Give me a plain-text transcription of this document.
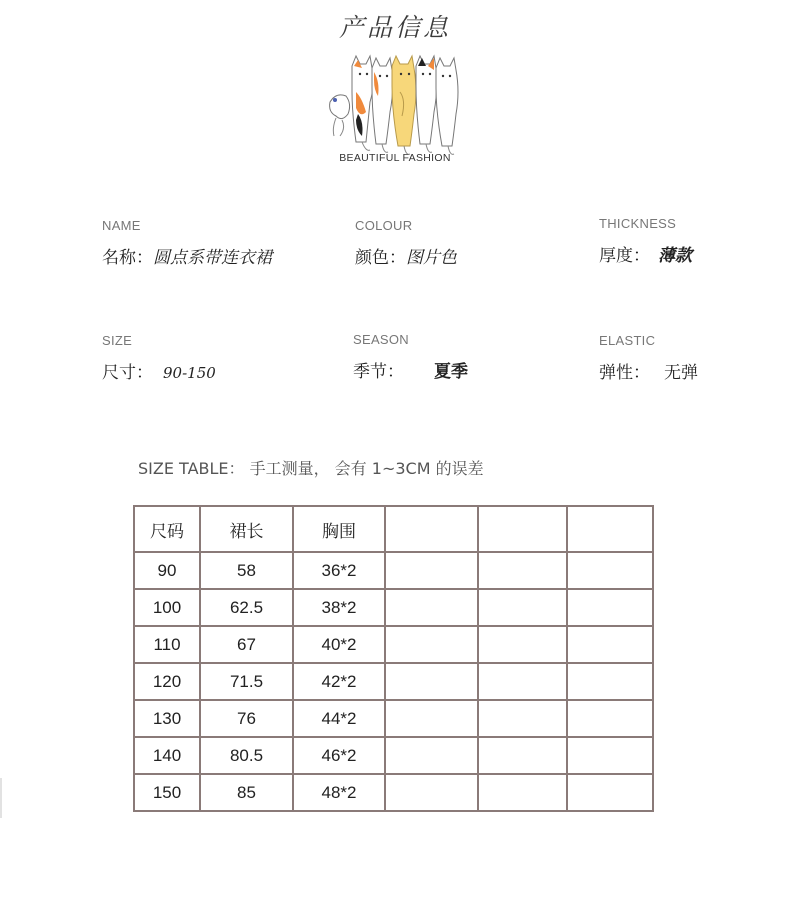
产品信息
BEAUTIFUL FASHION
NAME
名称：圆点系带连衣裙
COLOUR
颜色：图片色
THICKNESS
厚度： 薄款
SIZE
尺寸： 90-150
SEASON
季节： 夏季
ELASTIC
弹性： 无弹
SIZE TABLE： 手工测量， 会有 1~3CM 的误差
尺码	裙长	胸围			
90	58	36*2			
100	62.5	38*2			
110	67	40*2			
120	71.5	42*2			
130	76	44*2			
140	80.5	46*2			
150	85	48*2			
